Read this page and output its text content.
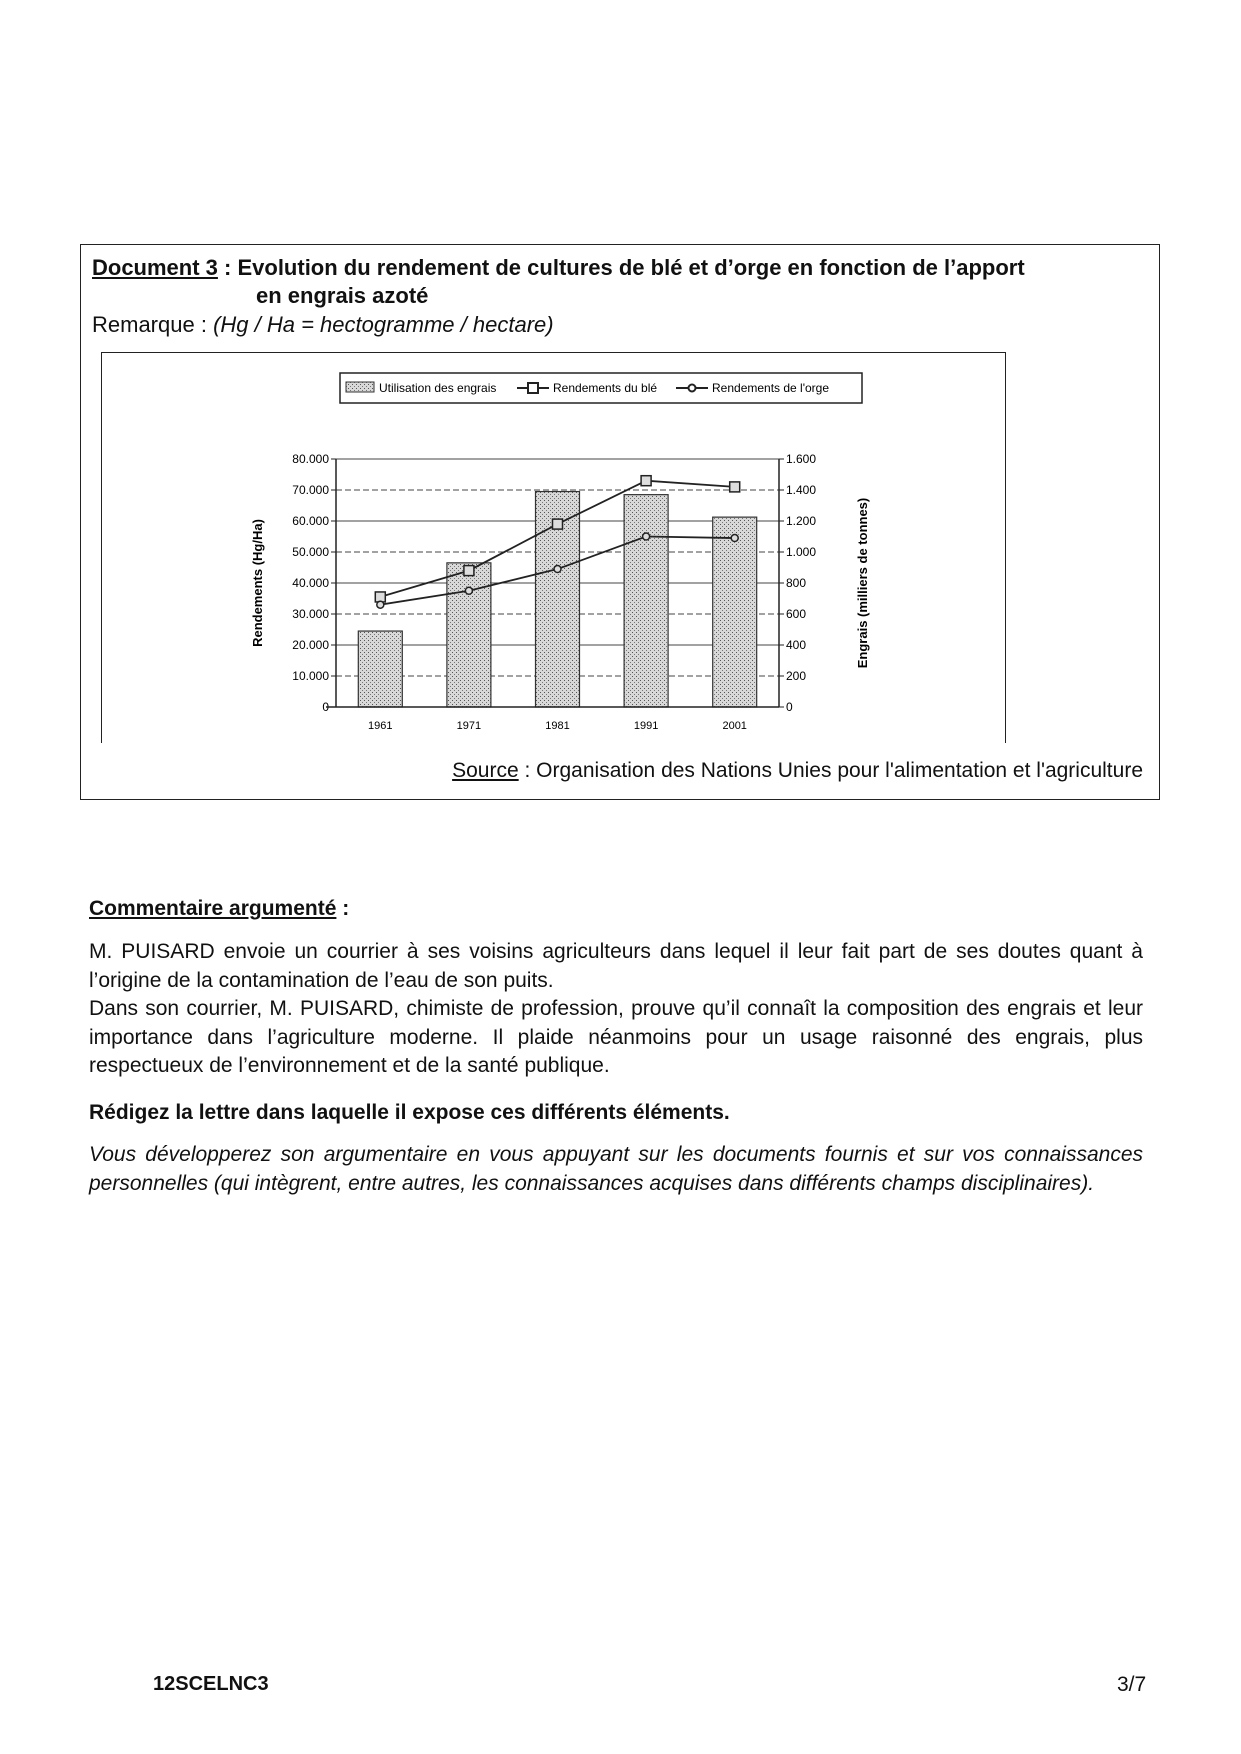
Document 3 : Evolution du rendement de cultures de blé et d’orge en fonction de l’apport
en engrais azoté
Remarque : (Hg / Ha = hectogramme / hectare)
0	0
10.000	200
20.000	400
30.000	600
40.000	800
50.000	1.000
60.000	1.200
70.000	1.400
80.000	1.600
1961	1971	1981	1991	2001
Utilisation des engrais	Rendements du blé	Rendements de l'orge
Rendements (Hg/Ha)	Engrais (milliers de tonnes)
Source : Organisation des Nations Unies pour l'alimentation et l'agriculture
Commentaire argumenté :
M. PUISARD envoie un courrier à ses voisins agriculteurs dans lequel il leur fait part de ses doutes quant à l’origine de la contamination de l’eau de son puits.
Dans son courrier, M. PUISARD, chimiste de profession, prouve qu’il connaît la composition des engrais et leur importance dans l’agriculture moderne. Il plaide néanmoins pour un usage raisonné des engrais, plus respectueux de l’environnement et de la santé publique.
Rédigez la lettre dans laquelle il expose ces différents éléments.
Vous développerez son argumentaire en vous appuyant sur les documents fournis et sur vos connaissances personnelles (qui intègrent, entre autres, les connaissances acquises dans différents champs disciplinaires).
12SCELNC3	3/7
